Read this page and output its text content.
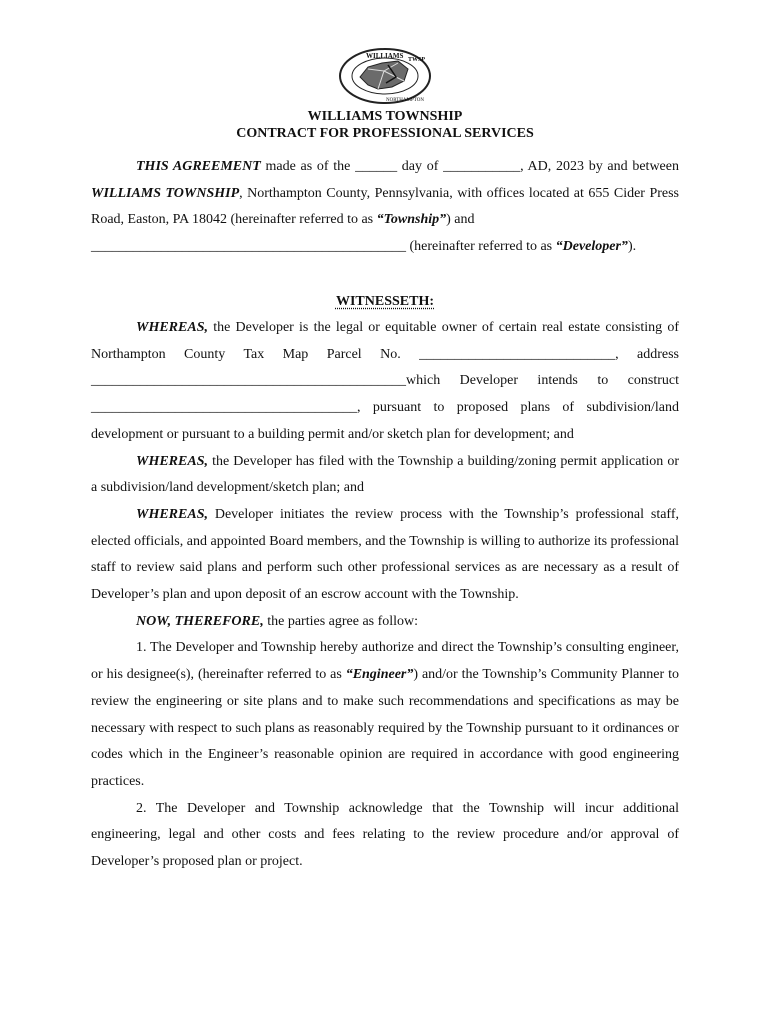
WILLIAMS TWSP
NORTHAMPTON
WILLIAMS TOWNSHIP
CONTRACT FOR PROFESSIONAL SERVICES

THIS AGREEMENT made as of the ______ day of ___________, AD, 2023 by and between WILLIAMS TOWNSHIP, Northampton County, Pennsylvania, with offices located at 655 Cider Press Road, Easton, PA 18042 (hereinafter referred to as “Township”) and
_____________________________________________ (hereinafter referred to as “Developer”).

WITNESSETH:

WHEREAS, the Developer is the legal or equitable owner of certain real estate consisting of Northampton County Tax Map Parcel No. ____________________________, address _____________________________________________which Developer intends to construct ______________________________________, pursuant to proposed plans of subdivision/land development or pursuant to a building permit and/or sketch plan for development; and

WHEREAS, the Developer has filed with the Township a building/zoning permit application or a subdivision/land development/sketch plan; and

WHEREAS, Developer initiates the review process with the Township’s professional staff, elected officials, and appointed Board members, and the Township is willing to authorize its professional staff to review said plans and perform such other professional services as are necessary as a result of Developer’s plan and upon deposit of an escrow account with the Township.

NOW, THEREFORE, the parties agree as follow:

1. The Developer and Township hereby authorize and direct the Township’s consulting engineer, or his designee(s), (hereinafter referred to as “Engineer”) and/or the Township’s Community Planner to review the engineering or site plans and to make such recommendations and specifications as may be necessary with respect to such plans as reasonably required by the Township pursuant to it ordinances or codes which in the Engineer’s reasonable opinion are required in accordance with good engineering practices.

2. The Developer and Township acknowledge that the Township will incur additional engineering, legal and other costs and fees relating to the review procedure and/or approval of Developer’s proposed plan or project.
